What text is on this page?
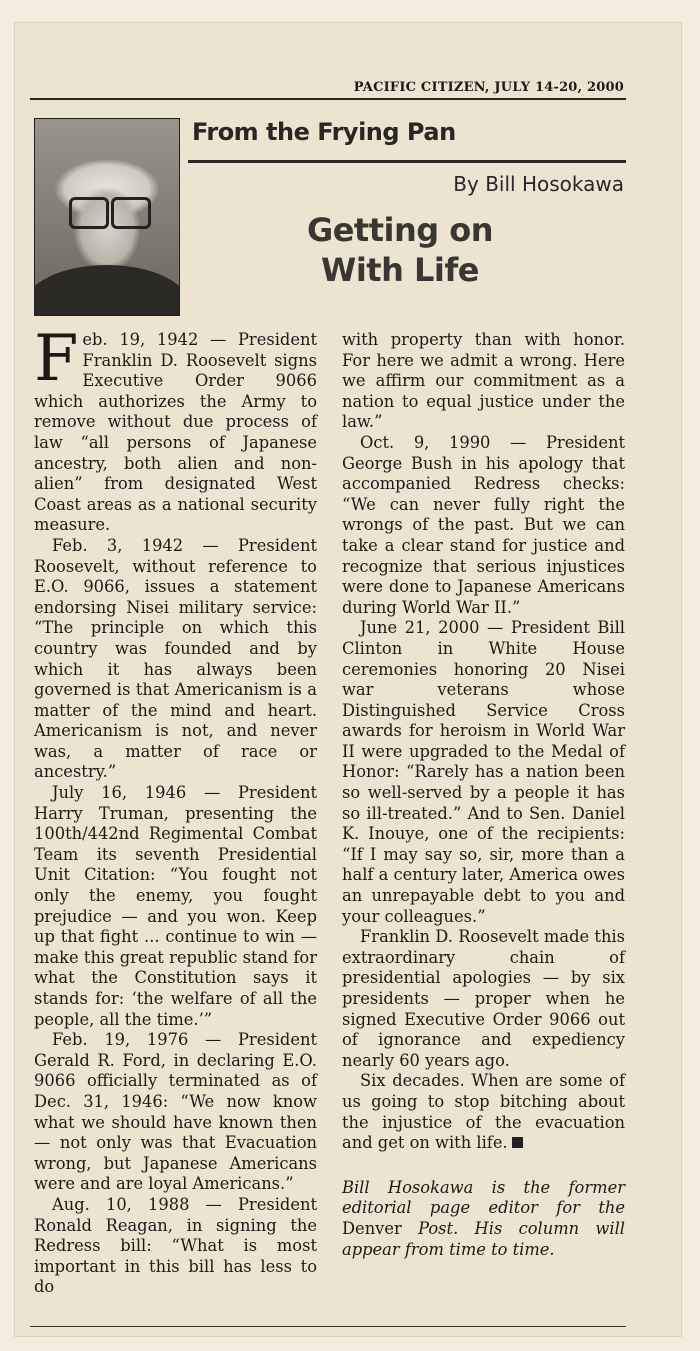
PACIFIC CITIZEN, JULY 14-20, 2000
From the Frying Pan
By Bill Hosokawa
Getting on
With Life

Feb. 19, 1942 — President Franklin D. Roosevelt signs Executive Order 9066 which authorizes the Army to remove without due process of law “all persons of Japanese ancestry, both alien and non-alien” from designated West Coast areas as a national security measure.

Feb. 3, 1942 — President Roosevelt, without reference to E.O. 9066, issues a statement endorsing Nisei military service: “The principle on which this country was founded and by which it has always been governed is that Americanism is a matter of the mind and heart. Americanism is not, and never was, a matter of race or ancestry.”

July 16, 1946 — President Harry Truman, presenting the 100th/442nd Regimental Combat Team its seventh Presidential Unit Citation: “You fought not only the enemy, you fought prejudice — and you won. Keep up that fight ... continue to win — make this great republic stand for what the Constitution says it stands for: ‘the welfare of all the people, all the time.’”

Feb. 19, 1976 — President Gerald R. Ford, in declaring E.O. 9066 officially terminated as of Dec. 31, 1946: “We now know what we should have known then — not only was that Evacuation wrong, but Japanese Americans were and are loyal Americans.”

Aug. 10, 1988 — President Ronald Reagan, in signing the Redress bill: “What is most important in this bill has less to do

with property than with honor. For here we admit a wrong. Here we affirm our commitment as a nation to equal justice under the law.”

Oct. 9, 1990 — President George Bush in his apology that accompanied Redress checks: “We can never fully right the wrongs of the past. But we can take a clear stand for justice and recognize that serious injustices were done to Japanese Americans during World War II.”

June 21, 2000 — President Bill Clinton in White House ceremonies honoring 20 Nisei war veterans whose Distinguished Service Cross awards for heroism in World War II were upgraded to the Medal of Honor: “Rarely has a nation been so well-served by a people it has so ill-treated.” And to Sen. Daniel K. Inouye, one of the recipients: “If I may say so, sir, more than a half a century later, America owes an unrepayable debt to you and your colleagues.”

Franklin D. Roosevelt made this extraordinary chain of presidential apologies — by six presidents — proper when he signed Executive Order 9066 out of ignorance and expediency nearly 60 years ago.

Six decades. When are some of us going to stop bitching about the injustice of the evacuation and get on with life.

Bill Hosokawa is the former editorial page editor for the Denver Post. His column will appear from time to time.
